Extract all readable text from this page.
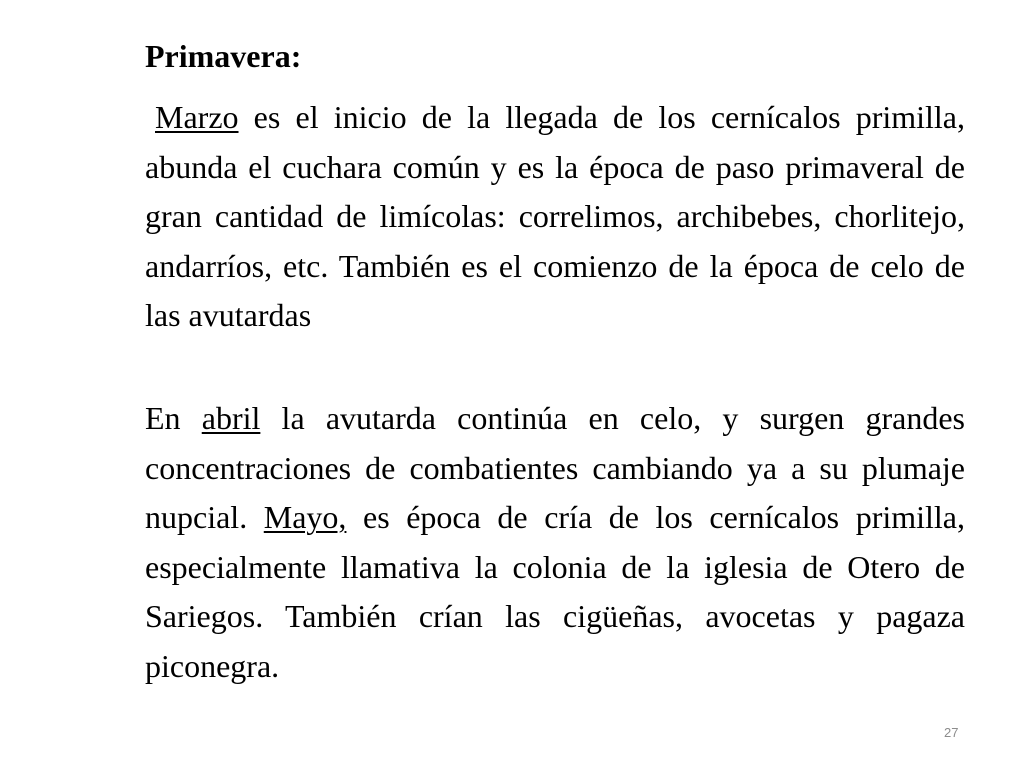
Primavera:

Marzo es el inicio de la llegada de los cernícalos primilla, abunda el cuchara común y es la época de paso primaveral de gran cantidad de limícolas: correlimos, archibebes, chorlitejo, andarríos, etc. También es el comienzo de la época de celo de las avutardas

En abril la avutarda continúa en celo, y surgen grandes concentraciones de combatientes cambiando ya a su plumaje nupcial. Mayo, es época de cría de los cernícalos primilla, especialmente llamativa la colonia de la iglesia de Otero de Sariegos. También crían las cigüeñas, avocetas y pagaza piconegra.

27
